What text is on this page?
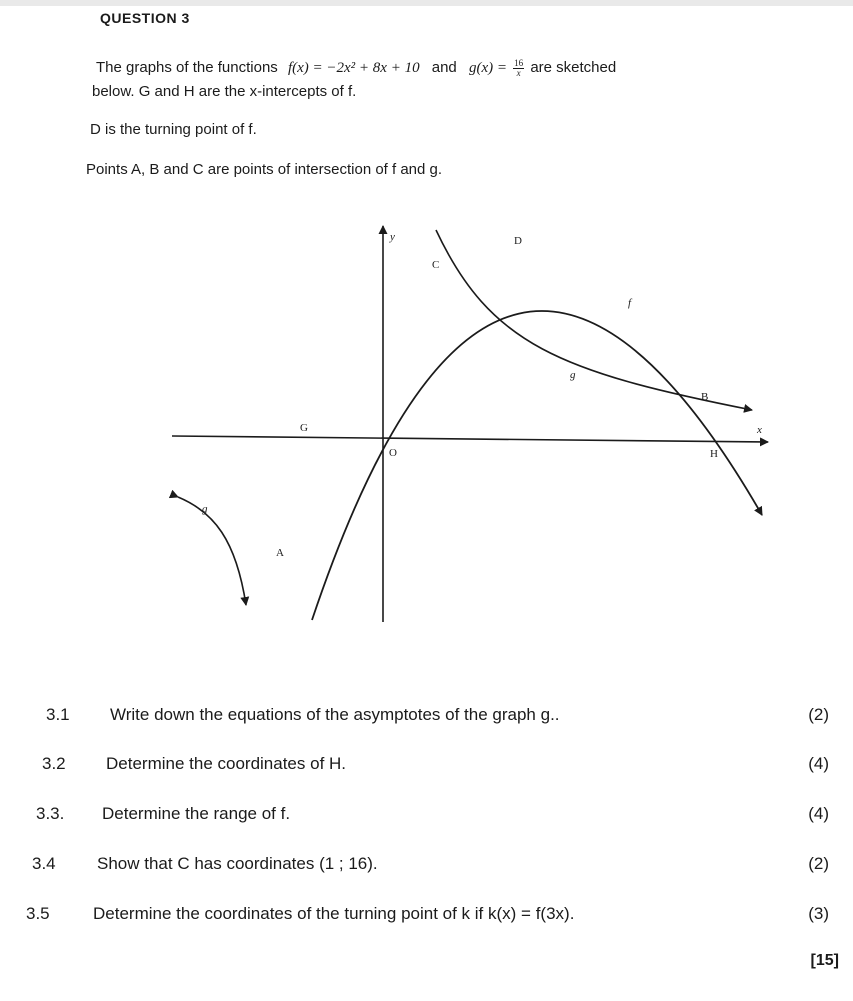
QUESTION 3
The graphs of the functions f(x) = −2x² + 8x + 10 and $g(x) = \frac{16}{x}$ are sketched
below. G and H are the x-intercepts of f.
D is the turning point of f.
Points A, B and C are points of intersection of f and g.
y
x
O
D
C
f
g
B
G
H
g
A
3.1 Write down the equations of the asymptotes of the graph g..	(2)
3.2 Determine the coordinates of H.	(4)
3.3. Determine the range of f.	(4)
3.4 Show that C has coordinates (1 ; 16).	(2)
3.5	Determine the coordinates of the turning point of k if k(x) = f(3x).	(3)
[15]
